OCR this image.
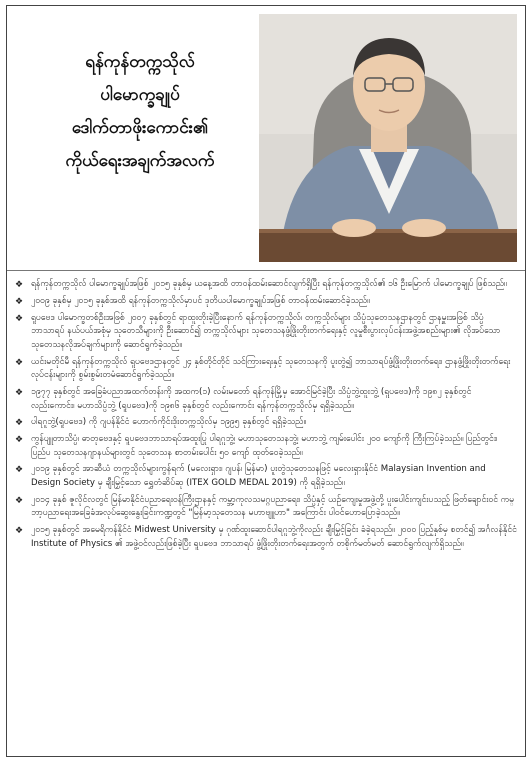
ရန်ကုန်တက္ကသိုလ်
ပါမောက္ခချုပ်
ဒေါက်တာဖိုးကောင်း၏
ကိုယ်ရေးအချက်အလက်
❖ ရန်ကုန်တက္ကသိုလ် ပါမောက္ခချုပ်အဖြစ် ၂၀၁၅ ခုနှစ်မှ ယနေ့အထိ တာဝန်ထမ်းဆောင်လျက်ရှိပြီး ရန်ကုန်တက္ကသိုလ်၏ ၁၆ ဦးမြောက် ပါမောက္ခချုပ် ဖြစ်သည်။
❖ ၂၀၀၉ ခုနှစ်မှ ၂၀၁၅ ခုနှစ်အထိ ရန်ကုန်တက္ကသိုလ်မှာပင် ဒုတိယပါမောက္ခချုပ်အဖြစ် တာဝန်ထမ်းဆောင်ခဲ့သည်။
❖ ရူပဗေဒ ပါမောက္ခတစ်ဦးအဖြစ် ၂၀၀၇ ခုနှစ်တွင် ရာထူးတိုးခဲ့ပြီးနောက် ရန်ကုန်တက္ကသိုလ်၊ တက္ကသိုလ်များ သိပ္ပံသုတေသနဌာနတွင် ဌာနမှူးအဖြစ် သိပ္ပံဘာသာရပ် နယ်ပယ်အစုံမှ သုတေသီများကို ဦးဆောင်၍ တက္ကသိုလ်များ သုတေသနဖွံ့ဖြိုးတိုးတက်ရေးနှင့် လူမှုစီးပွားလုပ်ငန်းအဖွဲ့အစည်းများ၏ လိုအပ်သော သုတေသနလိုအပ်ချက်များကို ဆောင်ရွက်ခဲ့သည်။
❖ ယင်းမတိုင်မီ ရန်ကုန်တက္ကသိုလ် ရူပဗေဒဌာနတွင် ၂၄ နှစ်တိုင်တိုင် သင်ကြားရေးနှင့် သုတေသနကို ပူးတွဲ၍ ဘာသာရပ်ဖွံ့ဖြိုးတိုးတက်ရေး၊ ဌာနဖွံ့ဖြိုးတိုးတက်ရေးလုပ်ငန်းများကို စွမ်းစွမ်းတမံဆောင်ရွက်ခဲ့သည်။
❖ ၁၉၇၇ ခုနှစ်တွင် အခြေခံပညာအထက်တန်းကို အထက(၁) လမ်းမတော် ရန်ကုန်မြို့မှ အောင်မြင်ခဲ့ပြီး သိပ္ပံဘွဲ့ထူးဘွဲ့ (ရူပဗေဒ)ကို ၁၉၈၂ ခုနှစ်တွင် လည်းကောင်း၊ မဟာသိပ္ပံဘွဲ့ (ရူပဗေဒ)ကို ၁၉၈၆ ခုနှစ်တွင် လည်းကောင်း ရန်ကုန်တက္ကသိုလ်မှ ရရှိခဲ့သည်။
❖ ပါရဂူဘွဲ့(ရူပဗေဒ) ကို ဂျပန်နိုင်ငံ ဟောက်ကိုင်းဒိုးတက္ကသိုလ်မှ ၁၉၉၅ ခုနှစ်တွင် ရရှိခဲ့သည်။
❖ ကွန်ပျူတာသိပ္ပံ၊ ဓာတုဗေဒနှင့် ရူပဗေဒဘာသာရပ်အထူးပြု ပါရဂူဘွဲ့၊ မဟာသုတေသနဘွဲ့၊ မဟာဘွဲ့ ကျမ်းပေါင်း ၂၀၀ ကျော်ကို ကြီးကြပ်ခဲ့သည်။ ပြည်တွင်း၊ ပြည်ပ သုတေသနဂျာနယ်များတွင် သုတေသန စာတမ်းပေါင်း ၅၀ ကျော် ထုတ်ဝေခဲ့သည်။
❖ ၂၀၁၉ ခုနှစ်တွင် အာဆီယံ တက္ကသိုလ်များကွန်ရက် (မလေးရှား၊ ဂျပန်၊ မြန်မာ) ပူးတွဲသုတေသနဖြင့် မလေးရှားနိုင်ငံ Malaysian Invention and Design Society မှ ချီးမြှင့်သော ရွှေတံဆိပ်ဆု (ITEX GOLD MEDAL 2019) ကို ရရှိခဲ့သည်။
❖ ၂၀၁၄ ခုနှစ် ဇူလိုင်လတွင် မြန်မာနိုင်ငံပညာရေးဝန်ကြီးဌာနနှင့် ကမ္ဘာ့ကုလသမဂ္ဂပညာရေး၊ သိပ္ပံနှင့် ယဉ်ကျေးမှုအဖွဲ့တို့ ပူးပေါင်းကျင်းပသည့် ဖြတ်ချောင်းဝင် ကမ္ဘာ့ပညာရေးအခြေခံအလုပ်ဆွေးနွေးခြင်းကဏ္ဍတွင် "မြန်မာ့သုတေသန မဟာဗျူဟာ" အကြောင်း ပါဝင်ဟောပြောခဲ့သည်။
❖ ၂၀၁၅ ခုနှစ်တွင် အမေရိကန်နိုင်ငံ Midwest University မှ ဂုဏ်ထူးဆောင်ပါရဂူဘွဲ့ကိုလည်း ချီးမြှင့်ခြင်း ခံခဲ့ရသည်။ ၂၀၀၀ ပြည့်နှစ်မှ စတင်၍ အင်္ဂလန်နိုင်ငံ Institute of Physics ၏ အဖွဲ့ဝင်လည်းဖြစ်ခဲ့ပြီး ရူပဗေဒ ဘာသာရပ် ဖွံ့ဖြိုးတိုးတက်ရေးအတွက် တစိုက်မတ်မတ် ဆောင်ရွက်လျက်ရှိသည်။
